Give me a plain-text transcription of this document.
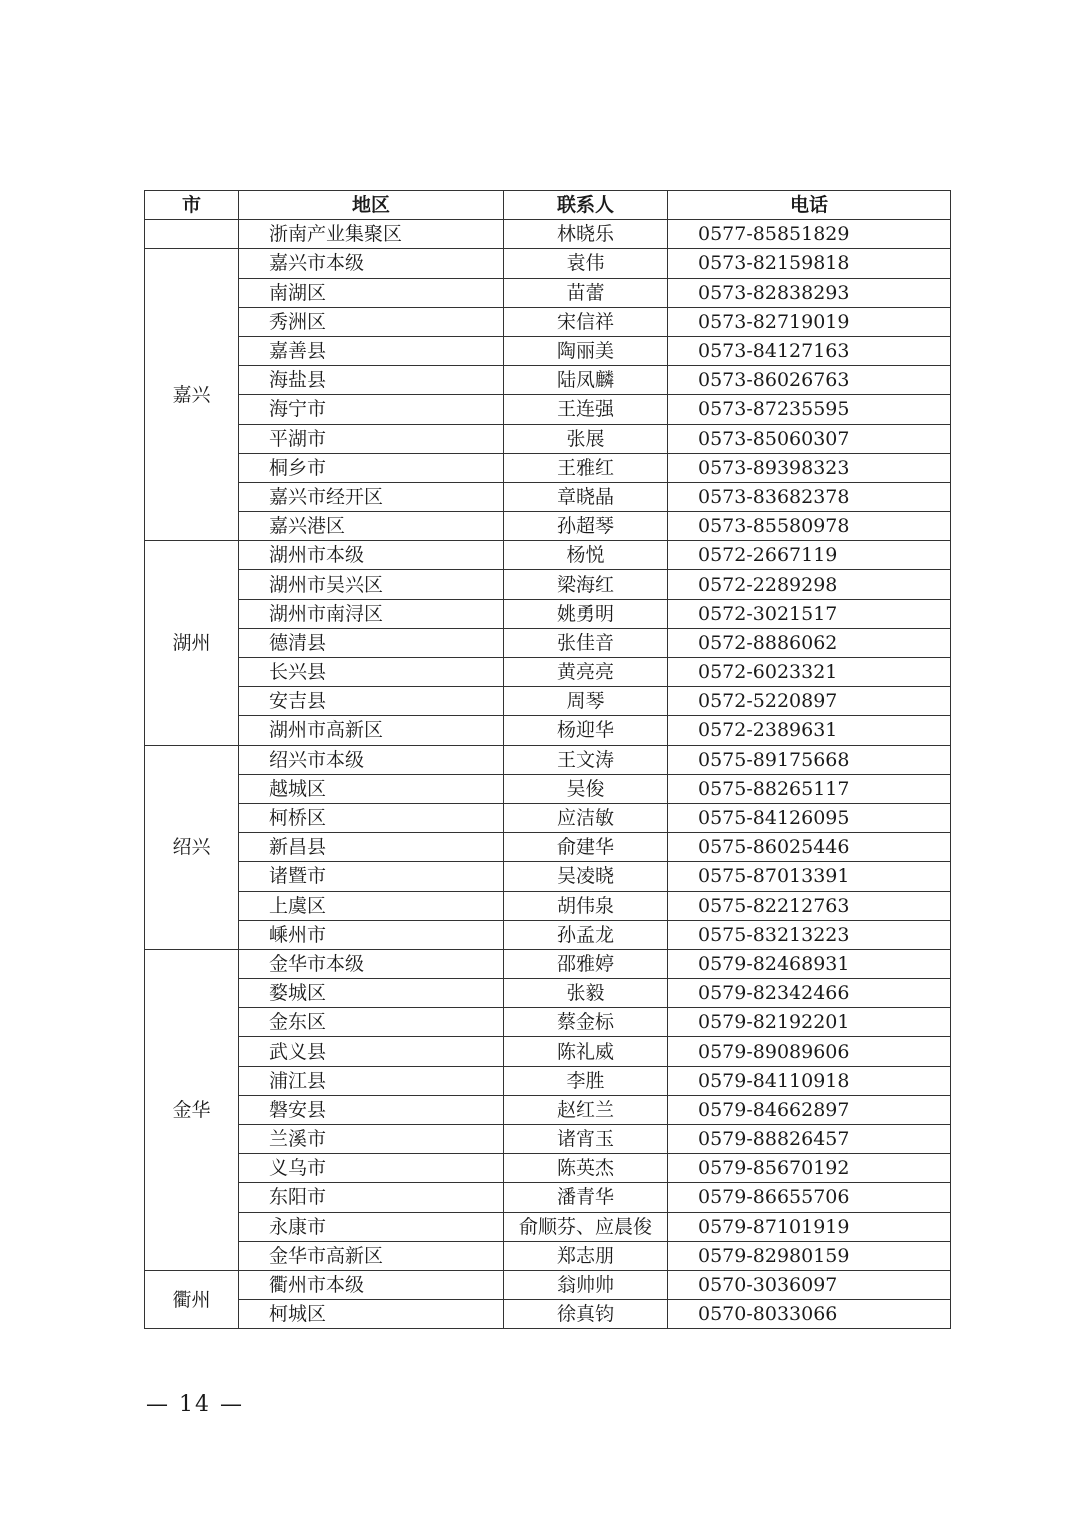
市	地区	联系人	电话
	浙南产业集聚区	林晓乐	0577-85851829
嘉兴	嘉兴市本级	袁伟	0573-82159818
	南湖区	苗蕾	0573-82838293
	秀洲区	宋信祥	0573-82719019
	嘉善县	陶丽美	0573-84127163
	海盐县	陆凤麟	0573-86026763
	海宁市	王连强	0573-87235595
	平湖市	张展	0573-85060307
	桐乡市	王雅红	0573-89398323
	嘉兴市经开区	章晓晶	0573-83682378
	嘉兴港区	孙超琴	0573-85580978
湖州	湖州市本级	杨悦	0572-2667119
	湖州市吴兴区	梁海红	0572-2289298
	湖州市南浔区	姚勇明	0572-3021517
	德清县	张佳音	0572-8886062
	长兴县	黄亮亮	0572-6023321
	安吉县	周琴	0572-5220897
	湖州市高新区	杨迎华	0572-2389631
绍兴	绍兴市本级	王文涛	0575-89175668
	越城区	吴俊	0575-88265117
	柯桥区	应洁敏	0575-84126095
	新昌县	俞建华	0575-86025446
	诸暨市	吴凌晓	0575-87013391
	上虞区	胡伟泉	0575-82212763
	嵊州市	孙孟龙	0575-83213223
金华	金华市本级	邵雅婷	0579-82468931
	婺城区	张毅	0579-82342466
	金东区	蔡金标	0579-82192201
	武义县	陈礼威	0579-89089606
	浦江县	李胜	0579-84110918
	磐安县	赵红兰	0579-84662897
	兰溪市	诸宵玉	0579-88826457
	义乌市	陈英杰	0579-85670192
	东阳市	潘青华	0579-86655706
	永康市	俞顺芬、应晨俊	0579-87101919
	金华市高新区	郑志朋	0579-82980159
衢州	衢州市本级	翁帅帅	0570-3036097
	柯城区	徐真钧	0570-8033066
— 14 —
